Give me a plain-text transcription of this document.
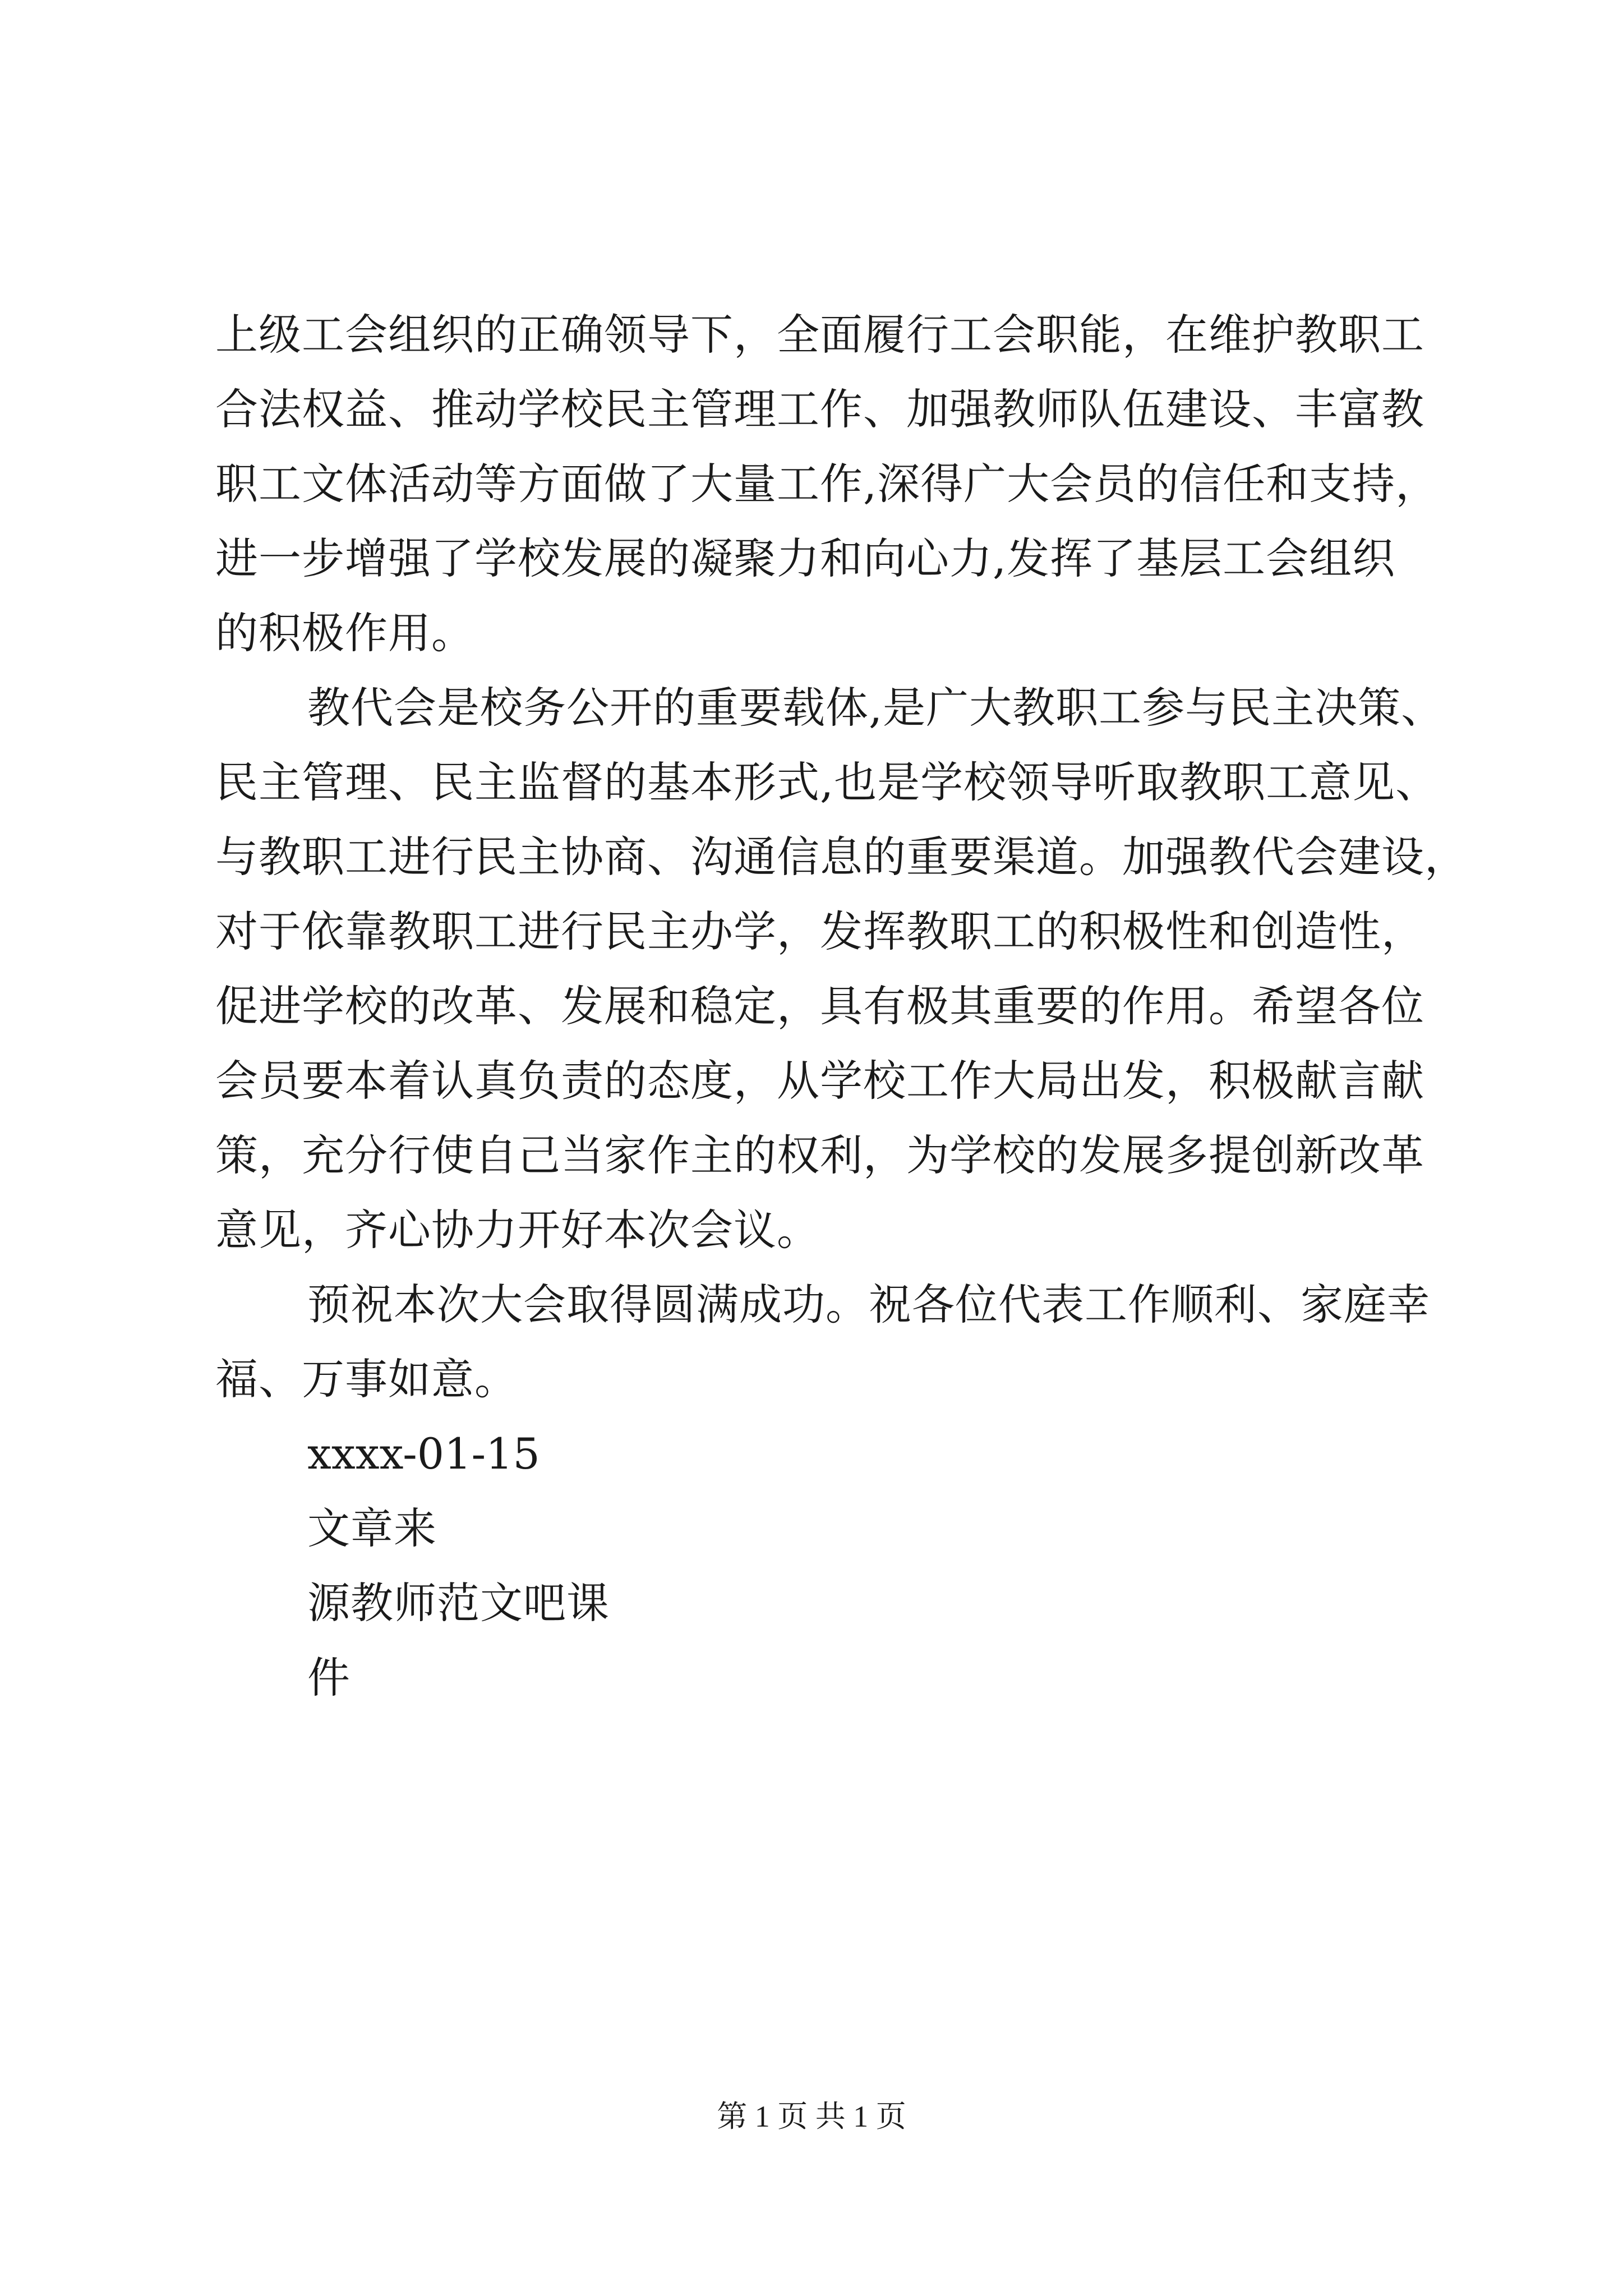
上级工会组织的正确领导下，全面履行工会职能，在维护教职工
合法权益、推动学校民主管理工作、加强教师队伍建设、丰富教
职工文体活动等方面做了大量工作,深得广大会员的信任和支持，
进一步增强了学校发展的凝聚力和向心力,发挥了基层工会组织
的积极作用。
教代会是校务公开的重要载体,是广大教职工参与民主决策、
民主管理、民主监督的基本形式,也是学校领导听取教职工意见、
与教职工进行民主协商、沟通信息的重要渠道。加强教代会建设，
对于依靠教职工进行民主办学，发挥教职工的积极性和创造性，
促进学校的改革、发展和稳定，具有极其重要的作用。希望各位
会员要本着认真负责的态度，从学校工作大局出发，积极献言献
策，充分行使自己当家作主的权利，为学校的发展多提创新改革
意见，齐心协力开好本次会议。
预祝本次大会取得圆满成功。祝各位代表工作顺利、家庭幸
福、万事如意。
xxxx-01-15
文章来
源教师范文吧课
件
第 1 页 共 1 页
